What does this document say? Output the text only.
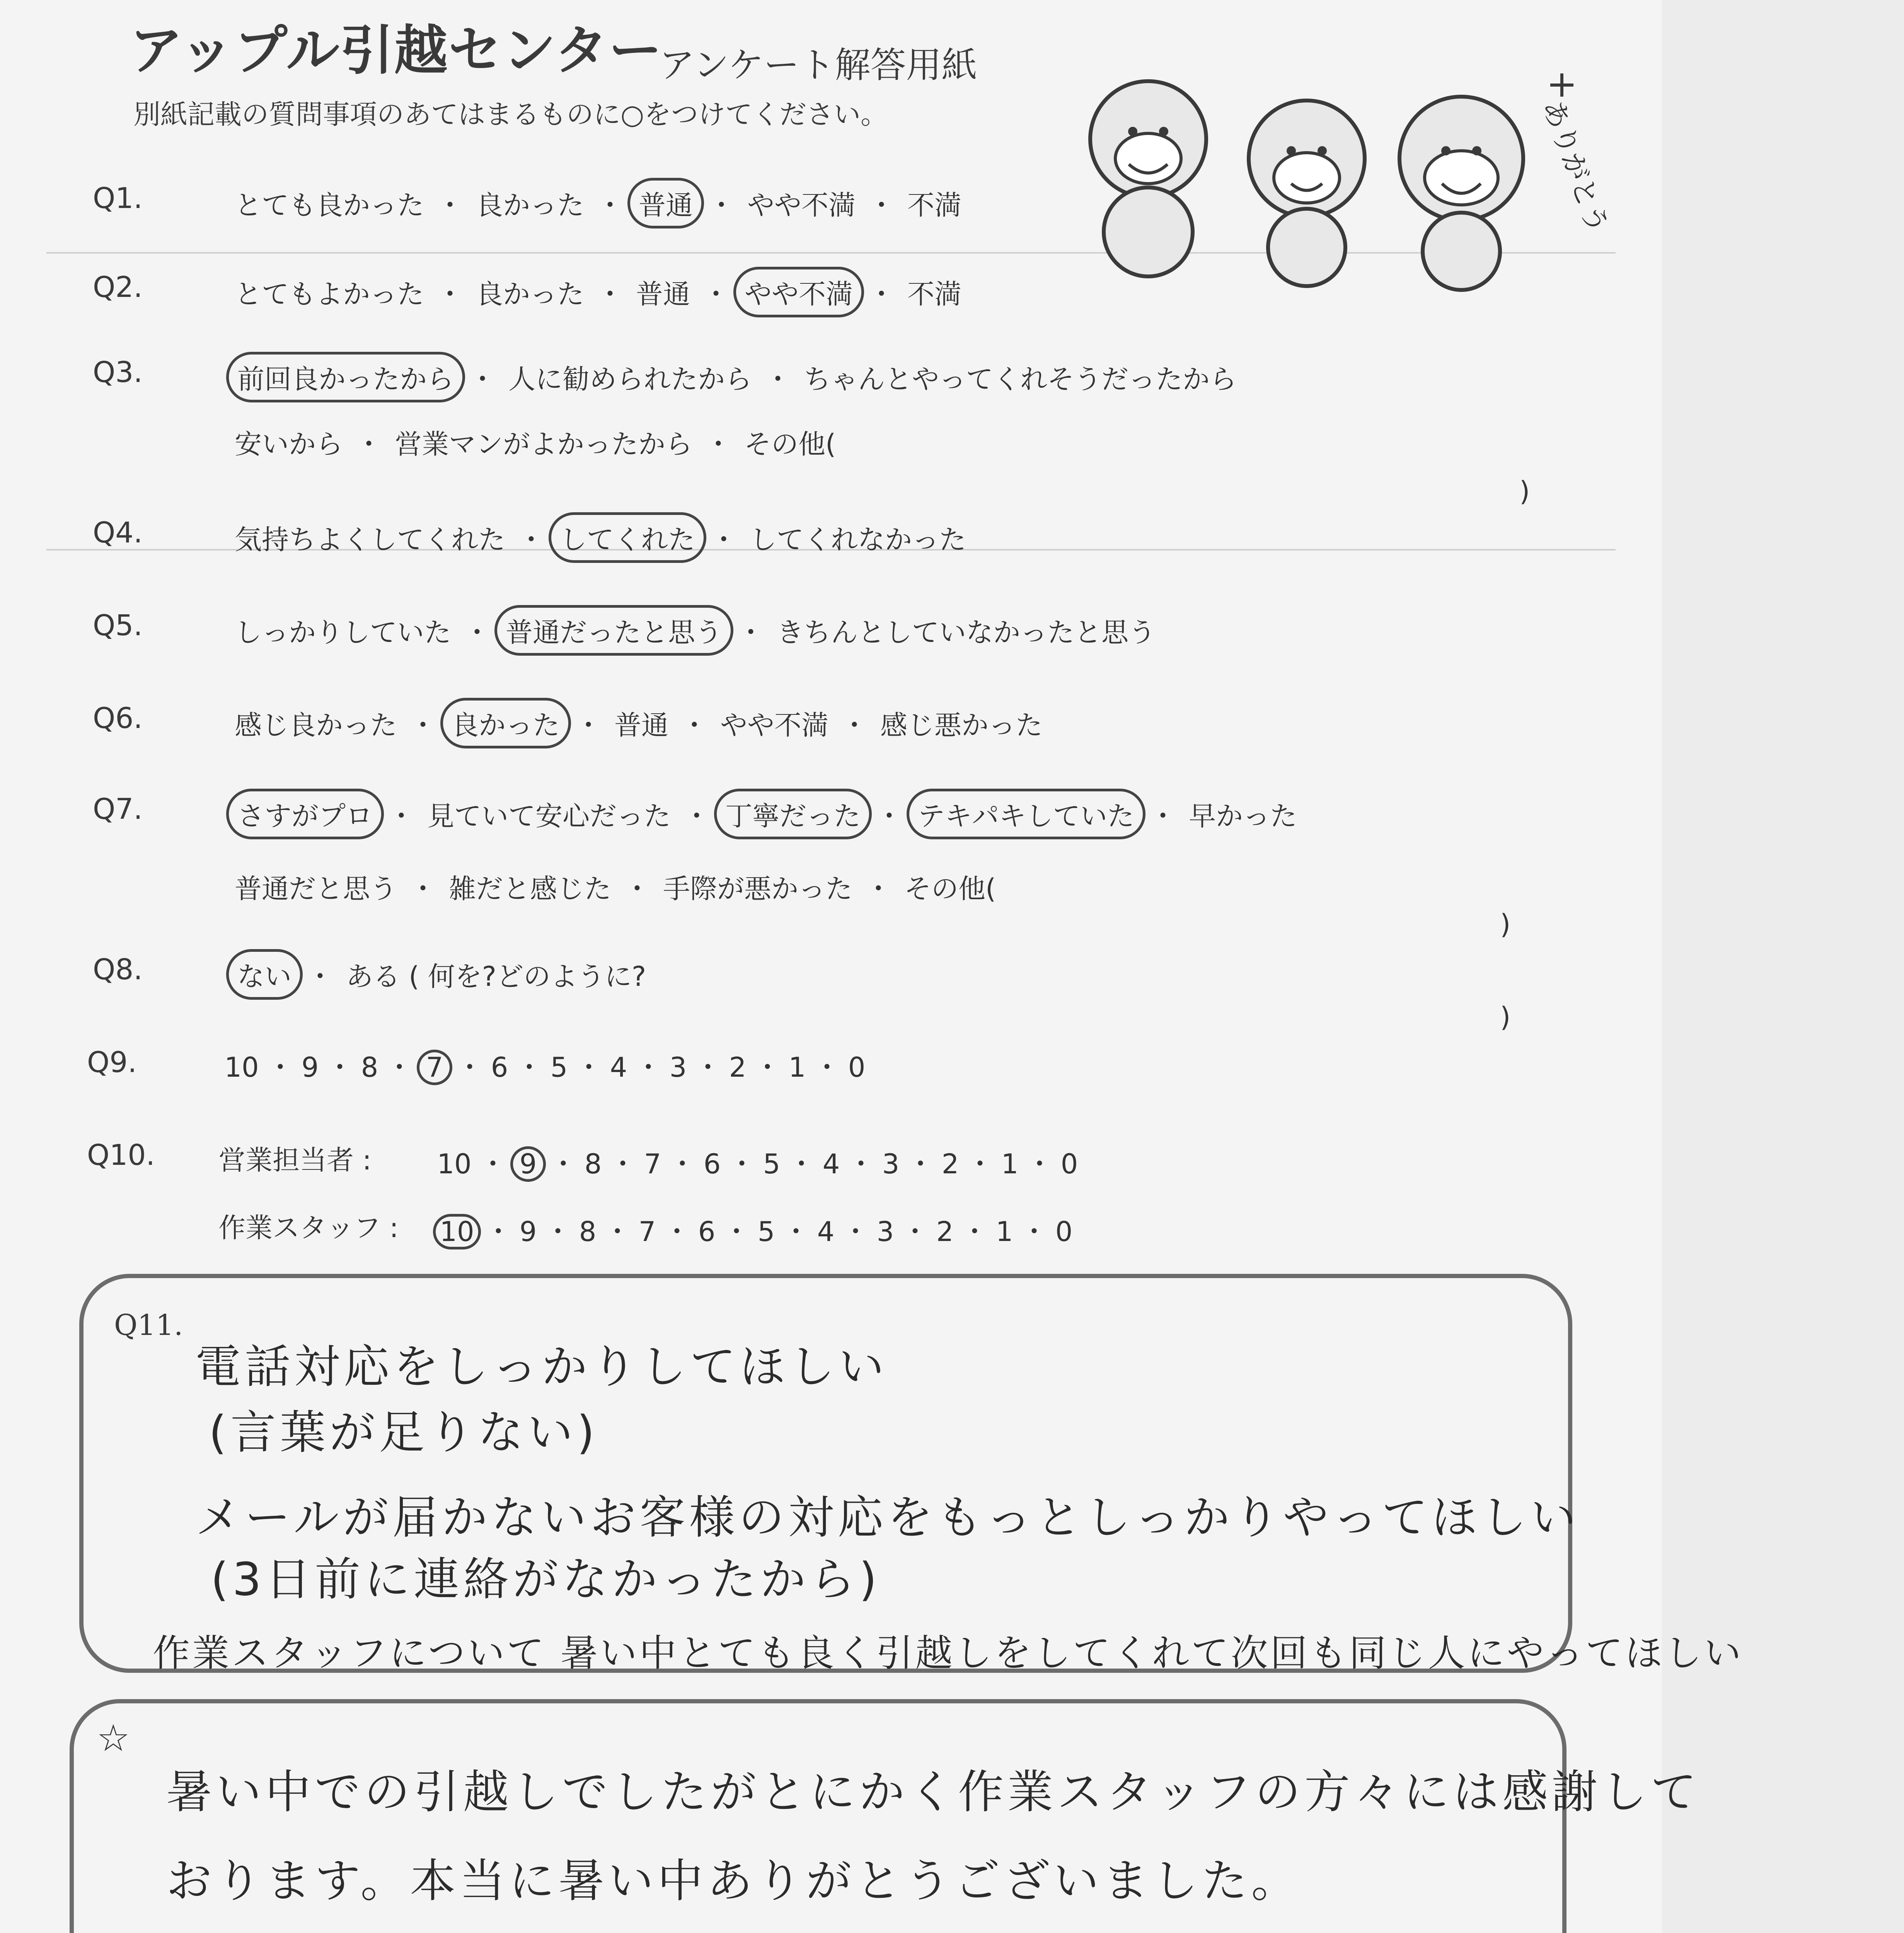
アップル引越センター
アンケート解答用紙
別紙記載の質問事項のあてはまるものに○をつけてください。	ありがとう
Q1.	とても良かった ・ 良かった ・ 普通 ・ やや不満 ・ 不満
Q2.	とてもよかった ・ 良かった ・ 普通 ・ やや不満 ・ 不満
Q3.	前回良かったから ・ 人に勧められたから ・ ちゃんとやってくれそうだったから
安いから ・ 営業マンがよかったから ・ その他(
Q4.	気持ちよくしてくれた ・ してくれた ・ してくれなかった
Q5.	しっかりしていた ・ 普通だったと思う ・ きちんとしていなかったと思う
Q6.	感じ良かった ・ 良かった ・ 普通 ・ やや不満 ・ 感じ悪かった
Q7.	さすがプロ ・ 見ていて安心だった ・ 丁寧だった ・ テキパキしていた ・ 早かった
普通だと思う ・ 雑だと感じた ・ 手際が悪かった ・ その他(
Q8.	ない ・ ある ( 何を?どのように?
)
)
)
Q9.	10 ・ 9 ・ 8 ・ 7 ・ 6 ・ 5 ・ 4 ・ 3 ・ 2 ・ 1 ・ 0
Q10. 営業担当者 : 10 ・ 9 ・ 8 ・ 7 ・ 6 ・ 5 ・ 4 ・ 3 ・ 2 ・ 1 ・ 0
作業スタッフ : 10 ・ 9 ・ 8 ・ 7 ・ 6 ・ 5 ・ 4 ・ 3 ・ 2 ・ 1 ・ 0
Q11.
電話対応をしっかりしてほしい
(言葉が足りない)
メールが届かないお客様の対応をもっとしっかりやってほしい
(3日前に連絡がなかったから)
作業スタッフについて 暑い中とても良く引越しをしてくれて次回も同じ人にやってほしい
☆
暑い中での引越しでしたがとにかく作業スタッフの方々には感謝して
おります。本当に暑い中ありがとうございました。
